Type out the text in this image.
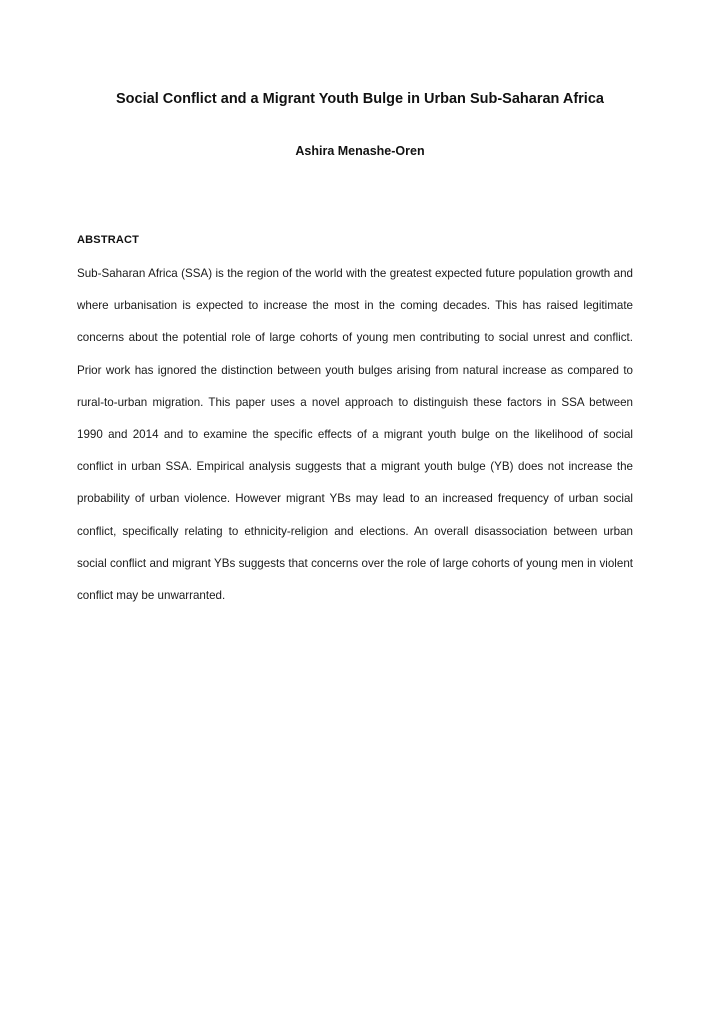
Social Conflict and a Migrant Youth Bulge in Urban Sub-Saharan Africa
Ashira Menashe-Oren
ABSTRACT

Sub-Saharan Africa (SSA) is the region of the world with the greatest expected future population growth and where urbanisation is expected to increase the most in the coming decades. This has raised legitimate concerns about the potential role of large cohorts of young men contributing to social unrest and conflict. Prior work has ignored the distinction between youth bulges arising from natural increase as compared to rural-to-urban migration. This paper uses a novel approach to distinguish these factors in SSA between 1990 and 2014 and to examine the specific effects of a migrant youth bulge on the likelihood of social conflict in urban SSA. Empirical analysis suggests that a migrant youth bulge (YB) does not increase the probability of urban violence. However migrant YBs may lead to an increased frequency of urban social conflict, specifically relating to ethnicity-religion and elections. An overall disassociation between urban social conflict and migrant YBs suggests that concerns over the role of large cohorts of young men in violent conflict may be unwarranted.
